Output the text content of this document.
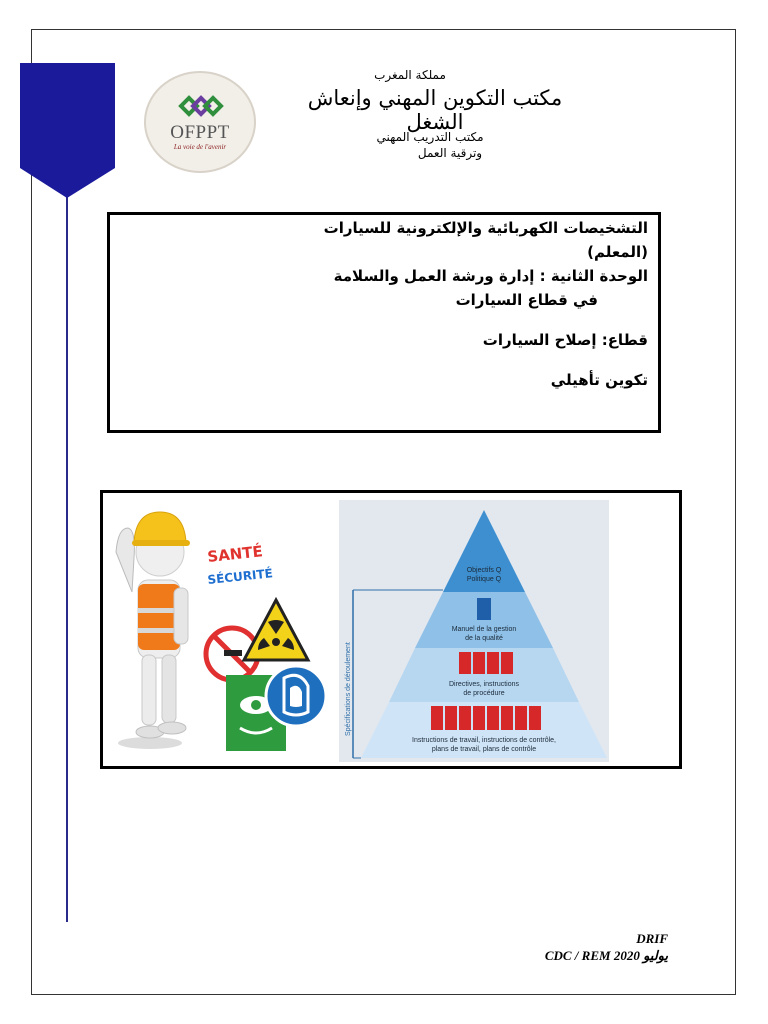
OFPPT
La voie de l'avenir
مملكة المغرب
مكتب التكوين المهني وإنعاش الشغل
مكتب التدريب المهني
وترقية العمل
التشخيصات الكهربائية والإلكترونية للسيارات
(المعلم)
الوحدة الثانية : إدارة ورشة العمل والسلامة
في قطاع السيارات
قطاع: إصلاح السيارات
تكوين تأهيلي
SANTÉ
SÉCURITÉ
Spécifications de déroulement
Objectifs Q
Politique Q
Manuel de la gestion
de la qualité
Directives, instructions
de procédure
Instructions de travail, instructions de contrôle,
plans de travail, plans de contrôle
DRIF
CDC / REM يوليو 2020
